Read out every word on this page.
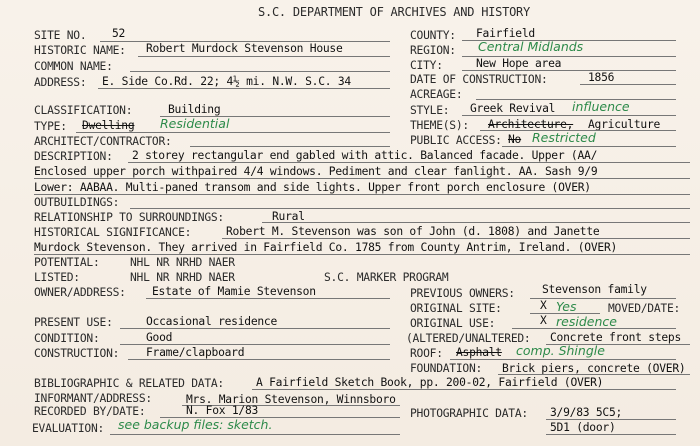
S.C. DEPARTMENT OF ARCHIVES AND HISTORY
SITE NO. 52	COUNTY: Fairfield
HISTORIC NAME: Robert Murdock Stevenson House	REGION: Central Midlands
COMMON NAME:	CITY:	New Hope area
ADDRESS: E. Side Co.Rd. 22; 4½ mi. N.W. S.C. 34	DATE OF CONSTRUCTION:	1856
ACREAGE:
CLASSIFICATION:	Building	STYLE: Greek Revival influence
TYPE: Dwelling Residential	THEME(S): Architecture, Agriculture
ARCHITECT/CONTRACTOR:	PUBLIC ACCESS: No Restricted
DESCRIPTION: 2 storey rectangular end gabled with attic. Balanced facade. Upper (AA/
Enclosed upper porch withpaired 4/4 windows. Pediment and clear fanlight. AA. Sash 9/9
Lower: AABAA. Multi-paned transom and side lights. Upper front porch enclosure (OVER)
OUTBUILDINGS:
RELATIONSHIP TO SURROUNDINGS:	Rural
HISTORICAL SIGNIFICANCE:	Robert M. Stevenson was son of John (d. 1808) and Janette
Murdock Stevenson. They arrived in Fairfield Co. 1785 from County Antrim, Ireland. (OVER)
POTENTIAL:	NHL NR NRHD NAER
LISTED:	NHL NR NRHD NAER	S.C. MARKER PROGRAM
OWNER/ADDRESS: Estate of Mamie Stevenson	PREVIOUS OWNERS: Stevenson family
ORIGINAL SITE:	X Yes	MOVED/DATE:
PRESENT USE:	Occasional residence	ORIGINAL USE:	X residence
CONDITION:	Good	(ALTERED/UNALTERED: Concrete front steps
CONSTRUCTION: Frame/clapboard	ROOF: Asphalt comp. Shingle
FOUNDATION: Brick piers, concrete (OVER)
BIBLIOGRAPHIC & RELATED DATA:	A Fairfield Sketch Book, pp. 200-02, Fairfield (OVER)
INFORMANT/ADDRESS:	Mrs. Marion Stevenson, Winnsboro
RECORDED BY/DATE:	N. Fox 1/83	PHOTOGRAPHIC DATA: 3/9/83 5C5;
5D1 (door)
EVALUATION: see backup files: sketch.
